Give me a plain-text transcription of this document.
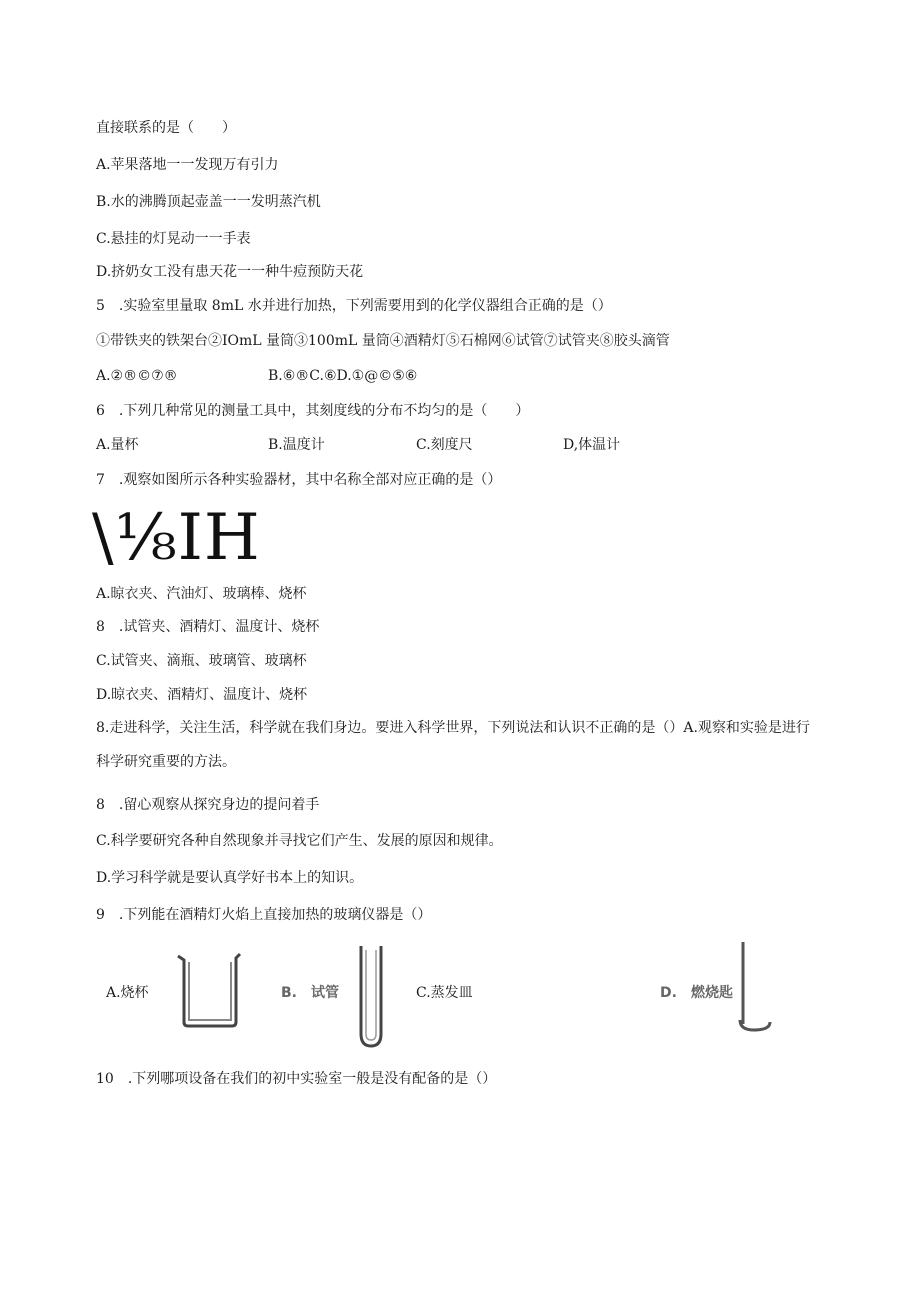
直接联系的是（　　）
A.苹果落地一一发现万有引力
B.水的沸腾顶起壶盖一一发明蒸汽机
C.悬挂的灯晃动一一手表
D.挤奶女工没有患天花一一种牛痘预防天花
5　.实验室里量取 8mL 水并进行加热，下列需要用到的化学仪器组合正确的是（）
①带铁夹的铁架台②IOmL 量筒③100mL 量筒④酒精灯⑤石棉网⑥试管⑦试管夹⑧胶头滴管
A.②®©⑦®	B.⑥®C.⑥D.①@©⑤⑥
6　.下列几种常见的测量工具中，其刻度线的分布不均匀的是（　　）
A.量杯	B.温度计	C.刻度尺	D,体温计
7　.观察如图所示各种实验器材，其中名称全部对应正确的是（）
\⅛IH
A.晾衣夹、汽油灯、玻璃棒、烧杯
8　.试管夹、酒精灯、温度计、烧杯
C.试管夹、滴瓶、玻璃管、玻璃杯
D.晾衣夹、酒精灯、温度计、烧杯
8.走进科学，关注生活，科学就在我们身边。要进入科学世界，下列说法和认识不正确的是（）A.观察和实验是进行科学研究重要的方法。
8　.留心观察从探究身边的提问着手
C.科学要研究各种自然现象并寻找它们产生、发展的原因和规律。
D.学习科学就是要认真学好书本上的知识。
9　.下列能在酒精灯火焰上直接加热的玻璃仪器是（）
A.烧杯	B.　试管	C.蒸发皿	D.　燃烧匙
10　.下列哪项设备在我们的初中实验室一般是没有配备的是（）
